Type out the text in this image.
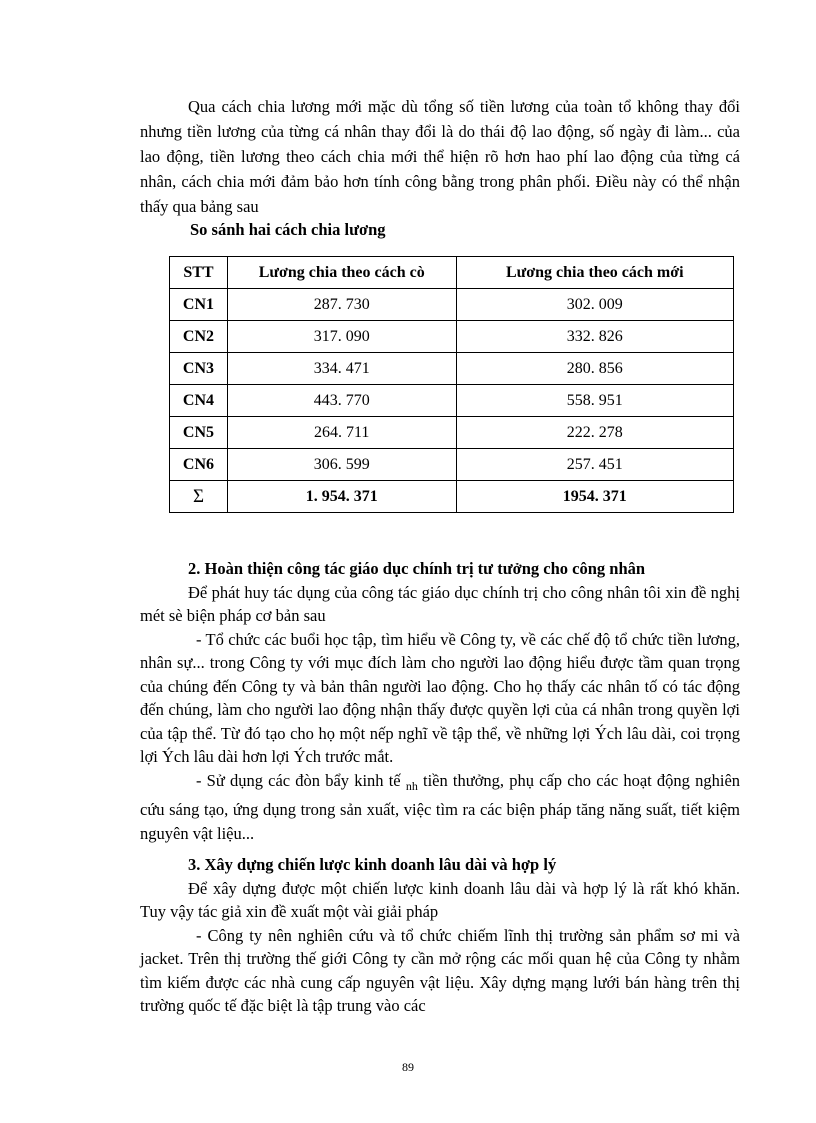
Qua cách chia lương mới mặc dù tổng số tiền lương của toàn tổ không thay đổi nhưng tiền lương của từng cá nhân thay đổi là do thái độ lao động, số ngày đi làm... của lao động, tiền lương theo cách chia mới thể hiện rõ hơn hao phí lao động của từng cá nhân, cách chia mới đảm bảo hơn tính công bằng trong phân phối. Điều này có thể nhận thấy qua bảng sau

So sánh hai cách chia lương
STT	Lương chia theo cách cò	Lương chia theo cách mới
CN1	287. 730	302. 009
CN2	317. 090	332. 826
CN3	334. 471	280. 856
CN4	443. 770	558. 951
CN5	264. 711	222. 278
CN6	306. 599	257. 451
Σ	1. 954. 371	1954. 371
2. Hoàn thiện công tác giáo dục chính trị tư tưởng cho công nhân

Để phát huy tác dụng của công tác giáo dục chính trị cho công nhân tôi xin đề nghị mét sè biện pháp cơ bản sau

- Tổ chức các buổi học tập, tìm hiểu về Công ty, về các chế độ tổ chức tiền lương, nhân sự... trong Công ty với mục đích làm cho người lao động hiểu được tầm quan trọng của chúng đến Công ty và bản thân người lao động. Cho họ thấy các nhân tố có tác động đến chúng, làm cho người lao động nhận thấy được quyền lợi của cá nhân trong quyền lợi của tập thể. Từ đó tạo cho họ một nếp nghĩ về tập thể, về những lợi Ých lâu dài, coi trọng lợi Ých lâu dài hơn lợi Ých trước mắt.

- Sử dụng các đòn bẩy kinh tế $_{nh}$ tiền thưởng, phụ cấp cho các hoạt động nghiên cứu sáng tạo, ứng dụng trong sản xuất, việc tìm ra các biện pháp tăng năng suất, tiết kiệm nguyên vật liệu...

3. Xây dựng chiến lược kinh doanh lâu dài và hợp lý

Để xây dựng được một chiến lược kinh doanh lâu dài và hợp lý là rất khó khăn. Tuy vậy tác giả xin đề xuất một vài giải pháp

- Công ty nên nghiên cứu và tổ chức chiếm lĩnh thị trường sản phẩm sơ mi và jacket. Trên thị trường thế giới Công ty cần mở rộng các mối quan hệ của Công ty nhằm tìm kiếm được các nhà cung cấp nguyên vật liệu. Xây dựng mạng lưới bán hàng trên thị trường quốc tế đặc biệt là tập trung vào các

89
